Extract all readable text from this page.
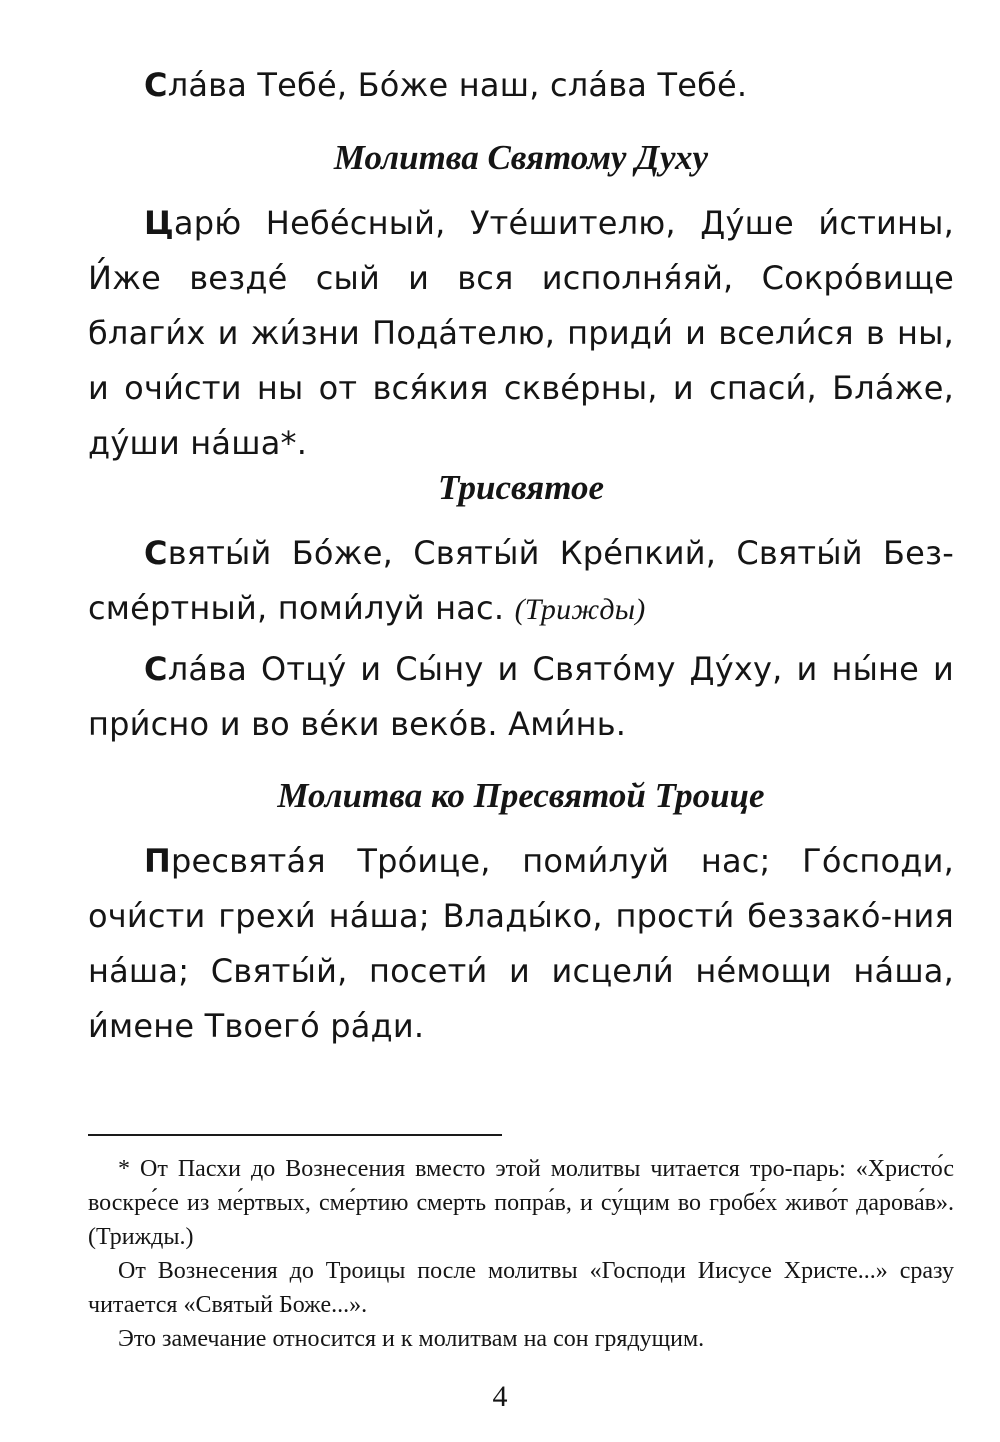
Сла́ва Тебе́, Бо́же наш, сла́ва Тебе́.
Молитва Святому Духу
Царю́ Небе́сный, Уте́шителю, Ду́ше и́стины, И́же везде́ сый и вся исполня́яй, Сокро́вище благи́х и жи́зни Пода́телю, приди́ и всели́ся в ны, и очи́сти ны от вся́кия скве́рны, и спаси́, Бла́же, ду́ши на́ша*.
Трисвятое
Святы́й Бо́же, Святы́й Кре́пкий, Святы́й Без-сме́ртный, поми́луй нас. (Трижды)
Сла́ва Отцу́ и Сы́ну и Свято́му Ду́ху, и ны́не и при́сно и во ве́ки веко́в. Ами́нь.
Молитва ко Пресвятой Троице
Пресвята́я Тро́ице, поми́луй нас; Го́споди, очи́сти грехи́ на́ша; Влады́ко, прости́ беззако́-ния на́ша; Святы́й, посети́ и исцели́ не́мощи на́ша, и́мене Твоего́ ра́ди.

* От Пасхи до Вознесения вместо этой молитвы читается тро-парь: «Христо́с воскре́се из ме́ртвых, сме́ртию смерть попра́в, и су́щим во гробе́х живо́т дарова́в». (Трижды.)

От Вознесения до Троицы после молитвы «Господи Иисусе Христе...» сразу читается «Святый Боже...».

Это замечание относится и к молитвам на сон грядущим.

4
